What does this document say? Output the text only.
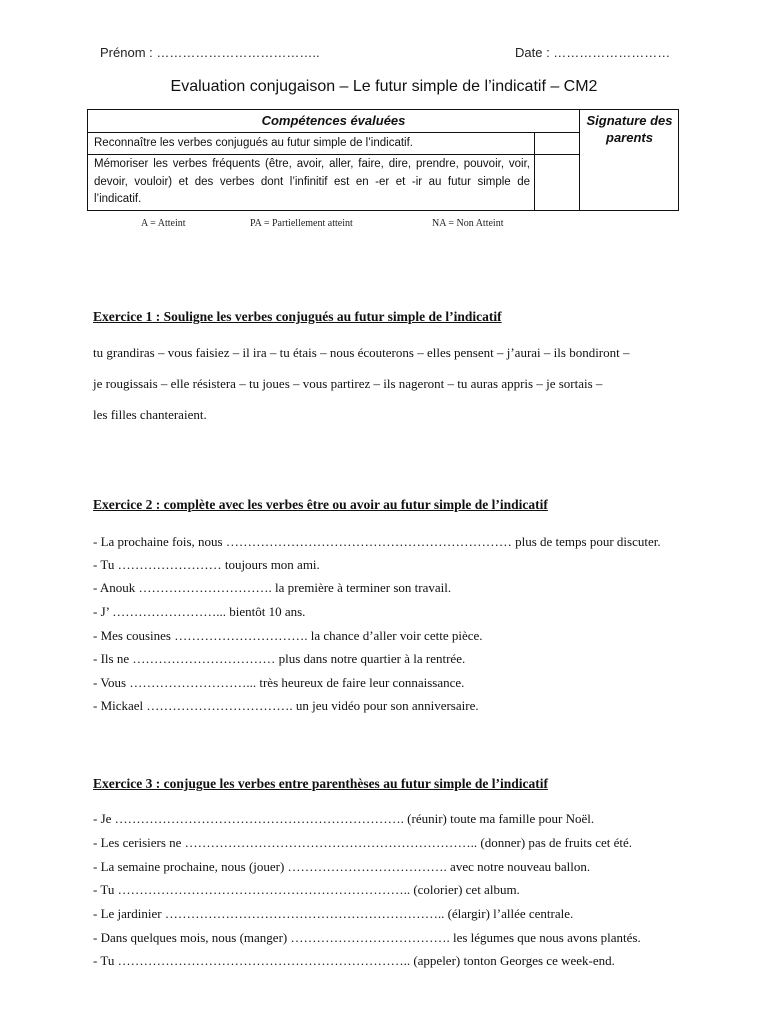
Prénom : ………………………………..	Date : ………………………
Evaluation conjugaison – Le futur simple de l’indicatif – CM2
Compétences évaluées
Reconnaître les verbes conjugués au futur simple de l’indicatif.
Mémoriser les verbes fréquents (être, avoir, aller, faire, dire, prendre, pouvoir, voir, devoir, vouloir) et des verbes dont l’infinitif est en -er et -ir au futur simple de l’indicatif.
Signature des parents
A = Atteint	PA = Partiellement atteint	NA = Non Atteint
Exercice 1 : Souligne les verbes conjugués au futur simple de l’indicatif
tu grandiras – vous faisiez – il ira – tu étais – nous écouterons – elles pensent – j’aurai – ils bondiront –
je rougissais – elle résistera – tu joues – vous partirez – ils nageront – tu auras appris – je sortais –
les filles chanteraient.
Exercice 2 : complète avec les verbes être ou avoir au futur simple de l’indicatif
- La prochaine fois, nous ………………………………………………………… plus de temps pour discuter.
- Tu …………………… toujours mon ami.
- Anouk …………………………. la première à terminer son travail.
- J’ ……………………... bientôt 10 ans.
- Mes cousines …………………………. la chance d’aller voir cette pièce.
- Ils ne …………………………… plus dans notre quartier à la rentrée.
- Vous ………………………... très heureux de faire leur connaissance.
- Mickael ……………………………. un jeu vidéo pour son anniversaire.
Exercice 3 : conjugue les verbes entre parenthèses au futur simple de l’indicatif
- Je …………………………………………………………. (réunir) toute ma famille pour Noël.
- Les cerisiers ne ………………………………………………………….. (donner) pas de fruits cet été.
- La semaine prochaine, nous (jouer) ………………………………. avec notre nouveau ballon.
- Tu ………………………………………………………….. (colorier) cet album.
- Le jardinier ……………………………………………………….. (élargir) l’allée centrale.
- Dans quelques mois, nous (manger) ………………………………. les légumes que nous avons plantés.
- Tu ………………………………………………………….. (appeler) tonton Georges ce week-end.
